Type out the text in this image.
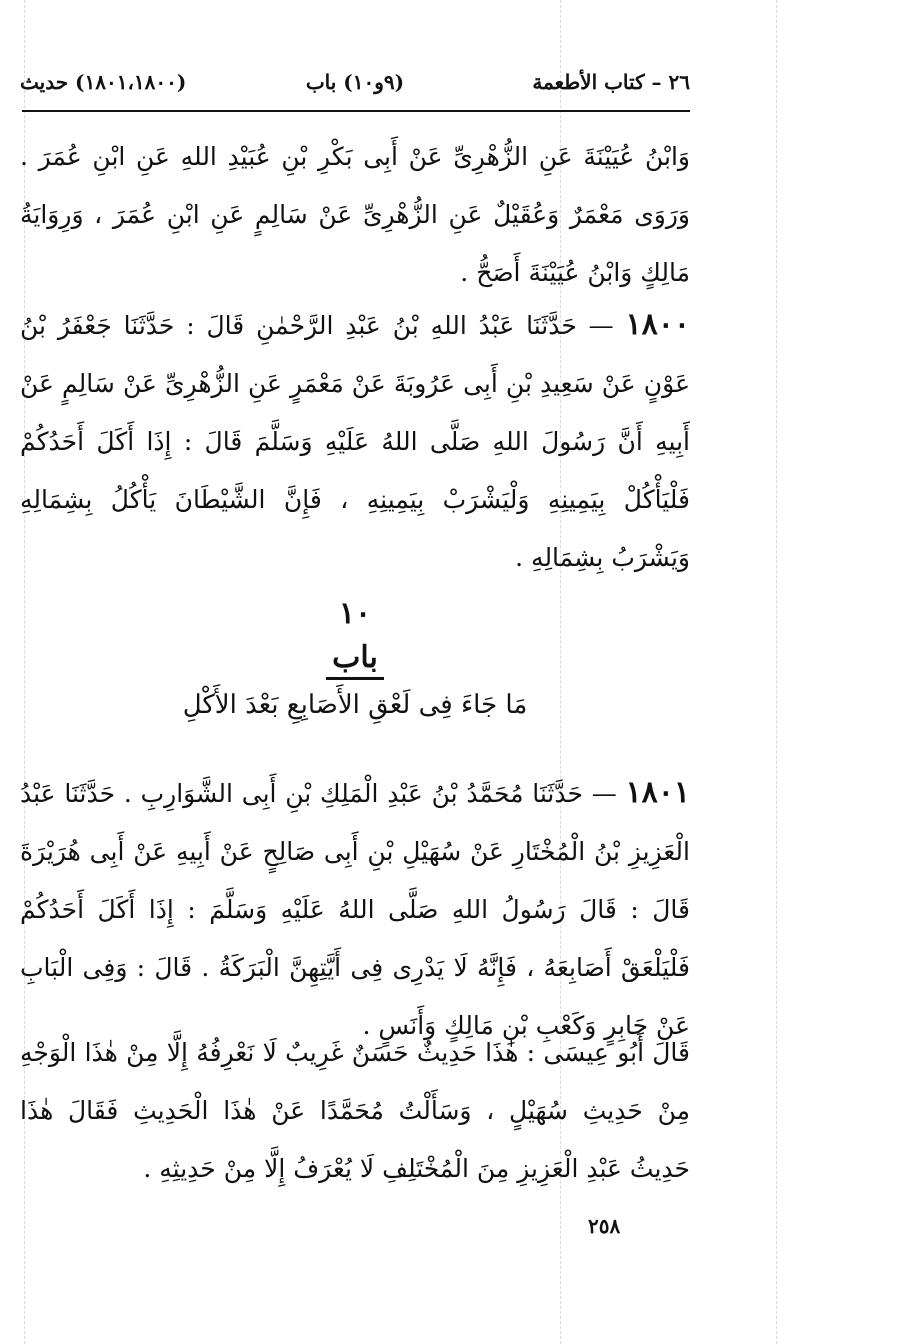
٢٦ – كتاب الأطعمة
(٩و١٠) باب
(١٨٠١،١٨٠٠) حديث
وَابْنُ عُيَيْنَةَ عَنِ الزُّهْرِىِّ عَنْ أَبِى بَكْرِ بْنِ عُبَيْدِ اللهِ عَنِ ابْنِ عُمَرَ . وَرَوَى مَعْمَرٌ وَعُقَيْلٌ عَنِ الزُّهْرِىِّ عَنْ سَالِمٍ عَنِ ابْنِ عُمَرَ ، وَرِوَايَةُ مَالِكٍ وَابْنُ عُيَيْنَةَ أَصَحُّ .
١٨٠٠ — حَدَّثَنَا عَبْدُ اللهِ بْنُ عَبْدِ الرَّحْمٰنِ قَالَ : حَدَّثَنَا جَعْفَرُ بْنُ عَوْنٍ عَنْ سَعِيدِ بْنِ أَبِى عَرُوبَةَ عَنْ مَعْمَرٍ عَنِ الزُّهْرِىِّ عَنْ سَالِمٍ عَنْ أَبِيهِ أَنَّ رَسُولَ اللهِ صَلَّى اللهُ عَلَيْهِ وَسَلَّمَ قَالَ : إِذَا أَكَلَ أَحَدُكُمْ فَلْيَأْكُلْ بِيَمِينِهِ وَلْيَشْرَبْ بِيَمِينِهِ ، فَإِنَّ الشَّيْطَانَ يَأْكُلُ بِشِمَالِهِ وَيَشْرَبُ بِشِمَالِهِ .
١٠
باب
مَا جَاءَ فِى لَعْقِ الأَصَابِعِ بَعْدَ الأَكْلِ
١٨٠١ — حَدَّثَنَا مُحَمَّدُ بْنُ عَبْدِ الْمَلِكِ بْنِ أَبِى الشَّوَارِبِ . حَدَّثَنَا عَبْدُ الْعَزِيزِ بْنُ الْمُخْتَارِ عَنْ سُهَيْلِ بْنِ أَبِى صَالِحٍ عَنْ أَبِيهِ عَنْ أَبِى هُرَيْرَةَ قَالَ : قَالَ رَسُولُ اللهِ صَلَّى اللهُ عَلَيْهِ وَسَلَّمَ : إِذَا أَكَلَ أَحَدُكُمْ فَلْيَلْعَقْ أَصَابِعَهُ ، فَإِنَّهُ لَا يَدْرِى فِى أَيَّتِهِنَّ الْبَرَكَةُ . قَالَ : وَفِى الْبَابِ عَنْ جَابِرٍ وَكَعْبِ بْنِ مَالِكٍ وَأَنَسٍ .
قَالَ أَبُو عِيسَى : هٰذَا حَدِيثٌ حَسَنٌ غَرِيبٌ لَا نَعْرِفُهُ إِلَّا مِنْ هٰذَا الْوَجْهِ مِنْ حَدِيثِ سُهَيْلٍ ، وَسَأَلْتُ مُحَمَّدًا عَنْ هٰذَا الْحَدِيثِ فَقَالَ هٰذَا حَدِيثُ عَبْدِ الْعَزِيزِ مِنَ الْمُخْتَلِفِ لَا يُعْرَفُ إِلَّا مِنْ حَدِيثِهِ .
٢٥٨
